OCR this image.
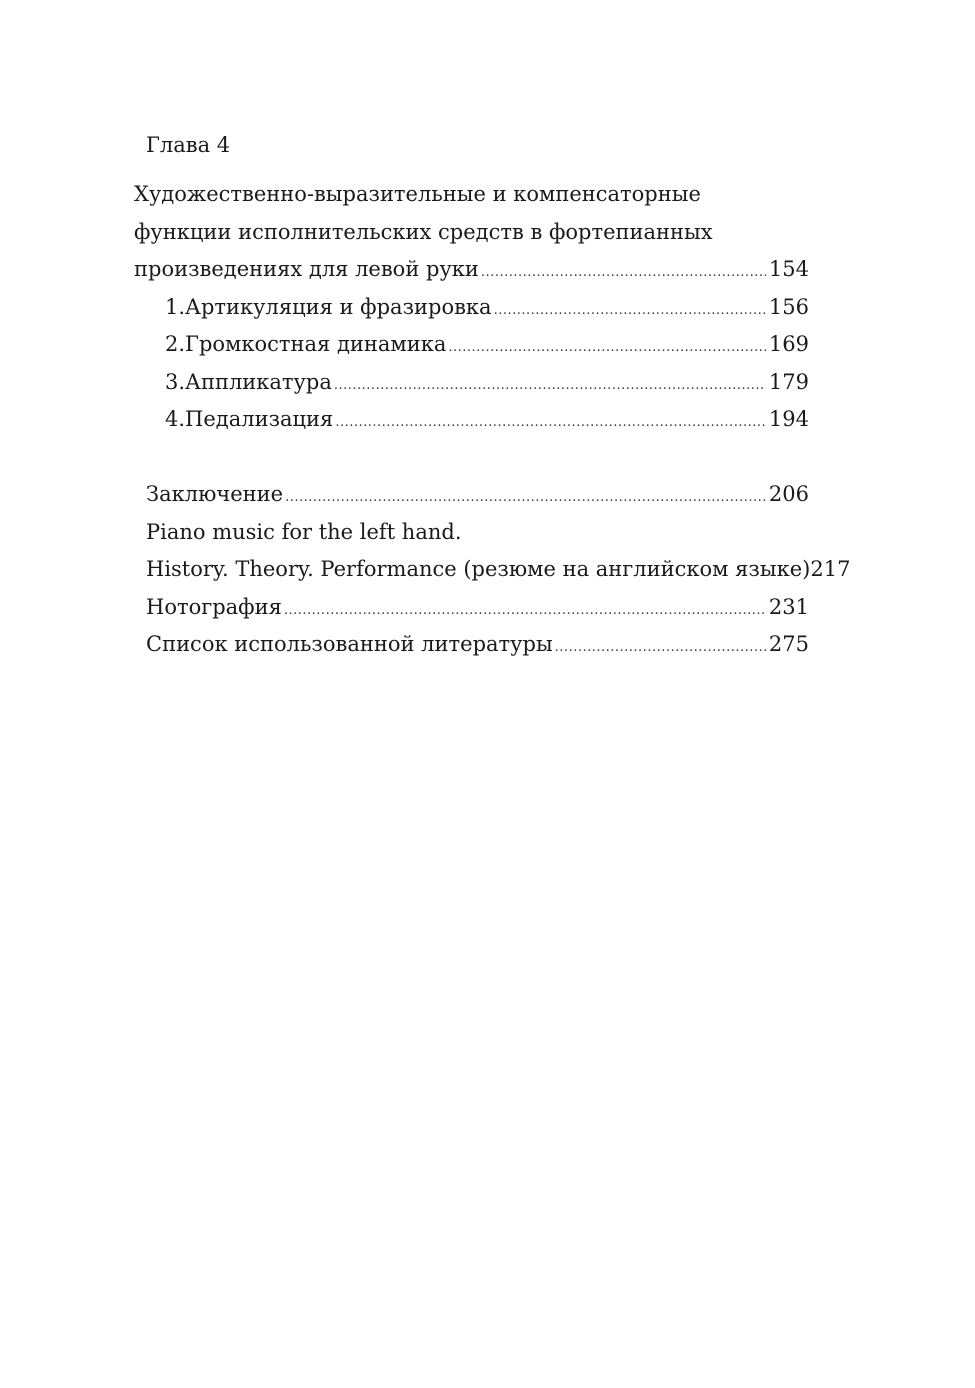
Глава 4
Художественно-выразительные и компенсаторные
функции исполнительских средств в фортепианных
произведениях для левой руки .....	154
1. Артикуляция и фразировка .....	156
2. Громкостная динамика .....	169
3. Аппликатура .....	179
4. Педализация .....	194
Заключение .....	206
Piano music for the left hand.
History. Theory. Performance (резюме на английском языке) 217
Нотография .....	231
Список использованной литературы .....	275
